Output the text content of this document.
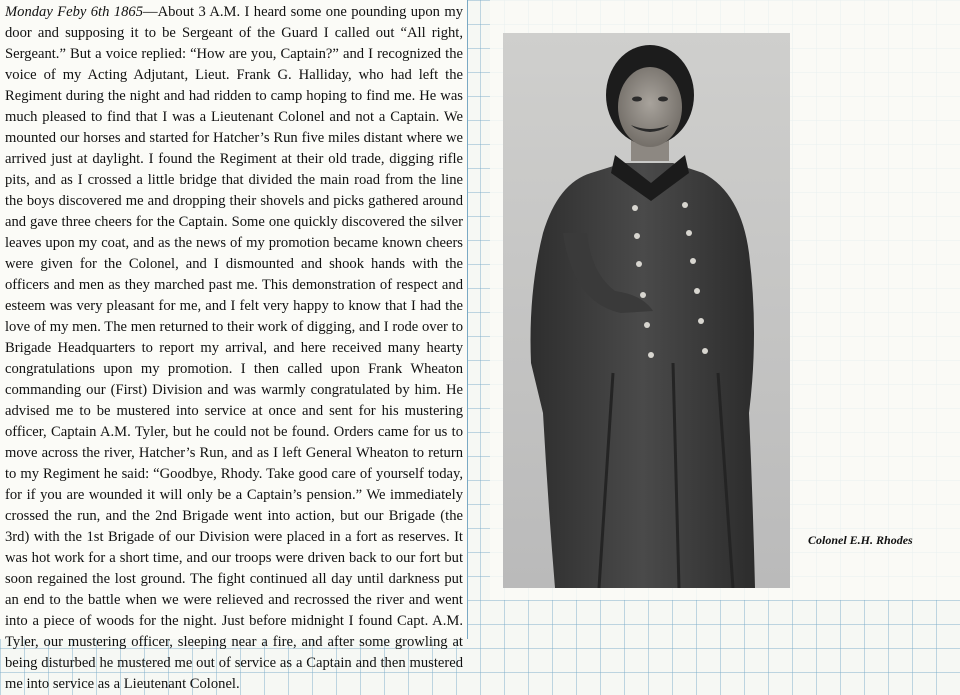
Monday Feby 6th 1865—About 3 A.M. I heard some one pounding upon my door and supposing it to be Sergeant of the Guard I called out “All right, Sergeant.” But a voice replied: “How are you, Captain?” and I recognized the voice of my Acting Adjutant, Lieut. Frank G. Halliday, who had left the Regiment during the night and had ridden to camp hoping to find me. He was much pleased to find that I was a Lieutenant Colonel and not a Captain. We mounted our horses and started for Hatcher’s Run five miles distant where we arrived just at daylight. I found the Regiment at their old trade, digging rifle pits, and as I crossed a little bridge that divided the main road from the line the boys discovered me and dropping their shovels and picks gathered around and gave three cheers for the Captain. Some one quickly discovered the silver leaves upon my coat, and as the news of my promotion became known cheers were given for the Colonel, and I dismounted and shook hands with the officers and men as they marched past me. This demonstration of respect and esteem was very pleasant for me, and I felt very happy to know that I had the love of my men. The men returned to their work of digging, and I rode over to Brigade Headquarters to report my arrival, and here received many hearty congratulations upon my promotion. I then called upon Frank Wheaton commanding our (First) Division and was warmly congratulated by him. He advised me to be mustered into service at once and sent for his mustering officer, Captain A.M. Tyler, but he could not be found. Orders came for us to move across the river, Hatcher’s Run, and as I left General Wheaton to return to my Regiment he said: “Goodbye, Rhody. Take good care of yourself today, for if you are wounded it will only be a Captain’s pension.” We immediately crossed the run, and the 2nd Brigade went into action, but our Brigade (the 3rd) with the 1st Brigade of our Division were placed in a fort as reserves. It was hot work for a short time, and our troops were driven back to our fort but soon regained the lost ground. The fight continued all day until darkness put an end to the battle when we were relieved and recrossed the river and went into a piece of woods for the night. Just before midnight I found Capt. A.M. Tyler, our mustering officer, sleeping near a fire, and after some growling at being disturbed he mustered me out of service as a Captain and then mustered me into service as a Lieutenant Colonel.

Colonel E.H. Rhodes
